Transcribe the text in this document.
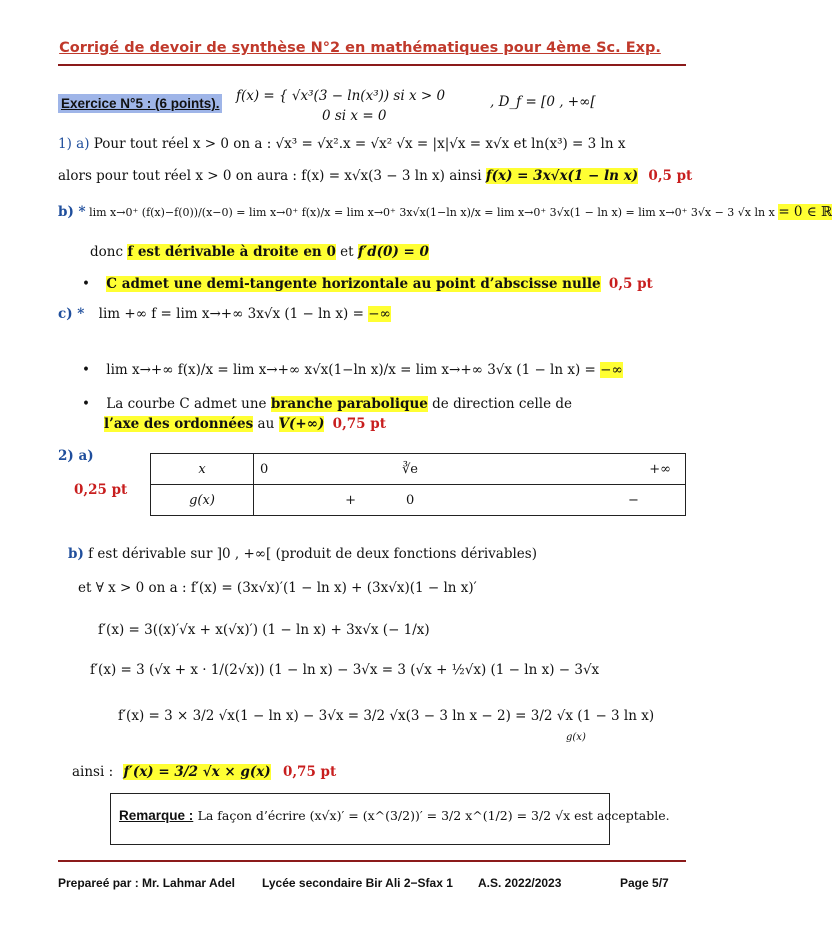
Corrigé de devoir de synthèse N°2 en mathématiques pour 4ème Sc. Exp.
Exercice N°5 : (6 points). f(x) = { √x³(3 − ln(x³)) si x > 0
0 si x = 0
, D_f = [0 , +∞[
1) a) Pour tout réel x > 0 on a : √x³ = √x².x = √x² √x = |x|√x = x√x et ln(x³) = 3 ln x
alors pour tout réel x > 0 on aura : f(x) = x√x(3 − 3 ln x) ainsi f(x) = 3x√x(1 − ln x) 0,5 pt
b) * lim x→0⁺ (f(x)−f(0))/(x−0) = lim x→0⁺ f(x)/x = lim x→0⁺ 3x√x(1−ln x)/x = lim x→0⁺ 3√x(1 − ln x) = lim x→0⁺ 3√x − 3 √x ln x = 0 ∈ ℝ
donc f est dérivable à droite en 0 et f′d(0) = 0
• C admet une demi-tangente horizontale au point d’abscisse nulle 0,5 pt
c) * lim +∞ f = lim x→+∞ 3x√x (1 − ln x) = −∞
• lim x→+∞ f(x)/x = lim x→+∞ x√x(1−ln x)/x = lim x→+∞ 3√x (1 − ln x) = −∞
• La courbe C admet une branche parabolique de direction celle de
l’axe des ordonnées au V(+∞) 0,75 pt
2) a)
0,25 pt
x	0	∛e	+∞
g(x)	+	0	−
b) f est dérivable sur ]0 , +∞[ (produit de deux fonctions dérivables)
et ∀ x > 0 on a : f′(x) = (3x√x)′(1 − ln x) + (3x√x)(1 − ln x)′
f′(x) = 3((x)′√x + x(√x)′) (1 − ln x) + 3x√x (− 1/x)
f′(x) = 3 (√x + x · 1/(2√x)) (1 − ln x) − 3√x = 3 (√x + ½√x) (1 − ln x) − 3√x
f′(x) = 3 × 3/2 √x(1 − ln x) − 3√x = 3/2 √x(3 − 3 ln x − 2) = 3/2 √x (1 − 3 ln x)
g(x)
ainsi : f′(x) = 3/2 √x × g(x) 0,75 pt
Remarque : La façon d’écrire (x√x)′ = (x^(3/2))′ = 3/2 x^(1/2) = 3/2 √x est acceptable.
Prepareé par : Mr. Lahmar Adel Lycée secondaire Bir Ali 2−Sfax 1 A.S. 2022/2023	Page 5/7
